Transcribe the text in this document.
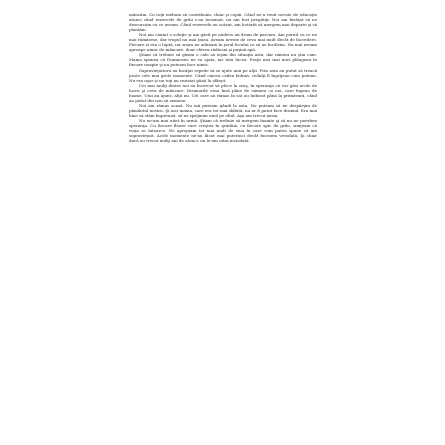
mâncâm. Cu toţii mebuia să contribuim, chiar şi copiii. Când ne-a venit nevoie de educaţie atunci când rezervele de grâu s-au terminat, nu am fost pregătiţi. Noi am învăţat să ne descurcăm cu ce aveam. Când rezervele au scăzut, am hotărât să mergem mai departe şi să plantăm.

Noi am căutat o soluţie şi am găsit pe undeva un drum de parcurs. Am pornit cu ce ne mai rămăsese, dar trupul nu mai ţinea. Aveam nevoie de ceva mai mult decât de încredere. Fiecare zi era o luptă, iar seara ne adunam în jurul focului ca să ne încălzim. Nu mai aveam aproape nimic de mâncare, doar câteva rădăcini şi puţină apă.

Ştiam că trebuie să găsim o cale să ieşim din situaţia asta, dar nimeni nu ştia cum. Mama spunea că Dumnezeu ne va ajuta, iar tata tăcea. Fraţii mei mai mici plângeau în fiecare noapte şi nu puteam face nimic.

Supravieţuitorii au învăţat repede să se ajute unii pe alţii. Prin asta au putut să treacă peste cele mai grele momente. Când cineva cădea bolnav, ceilalţi îl îngrijeau cum puteau. Nu era uşor şi nu toţi au rezistat până la sfârşit.

Cei mai mulţi dintre noi au încercat să plece la oraş, în speranţa că vor găsi acolo de lucru şi ceva de mâncare. Drumurile erau însă pline de oameni ca noi, care fugeau de foame. Unii au ajuns, alţii nu. Cei care au rămas în sat au îndurat până la primăvară, când au putut din nou să semene.

Noi am rămas acasă. Nu mă puteam gândi la asta. Nu puteam să ne despărţim de pământul nostru. Şi nici mama, care era tot mai slăbită, nu ar fi putut face drumul. Era mai bine să stăm împreună, să ne sprijinim unul pe altul. Aşa am trecut iarna.

Nu ne-am mai uitat în urmă. Ştiam că trebuie să mergem înainte şi să nu ne pierdem speranţa. Cu fiecare floare care creştea în grădină, cu fiecare spic de grâu, simţeam că viaţa se întoarce. Ne apropiam tot mai mult de ziua în care vom putea spune că am supravieţuit. Acele momente ne-au făcut mai puternici decât fusesem vreodată. Şi chiar dacă au trecut mulţi ani de atunci, nu le-am uitat niciodată.
